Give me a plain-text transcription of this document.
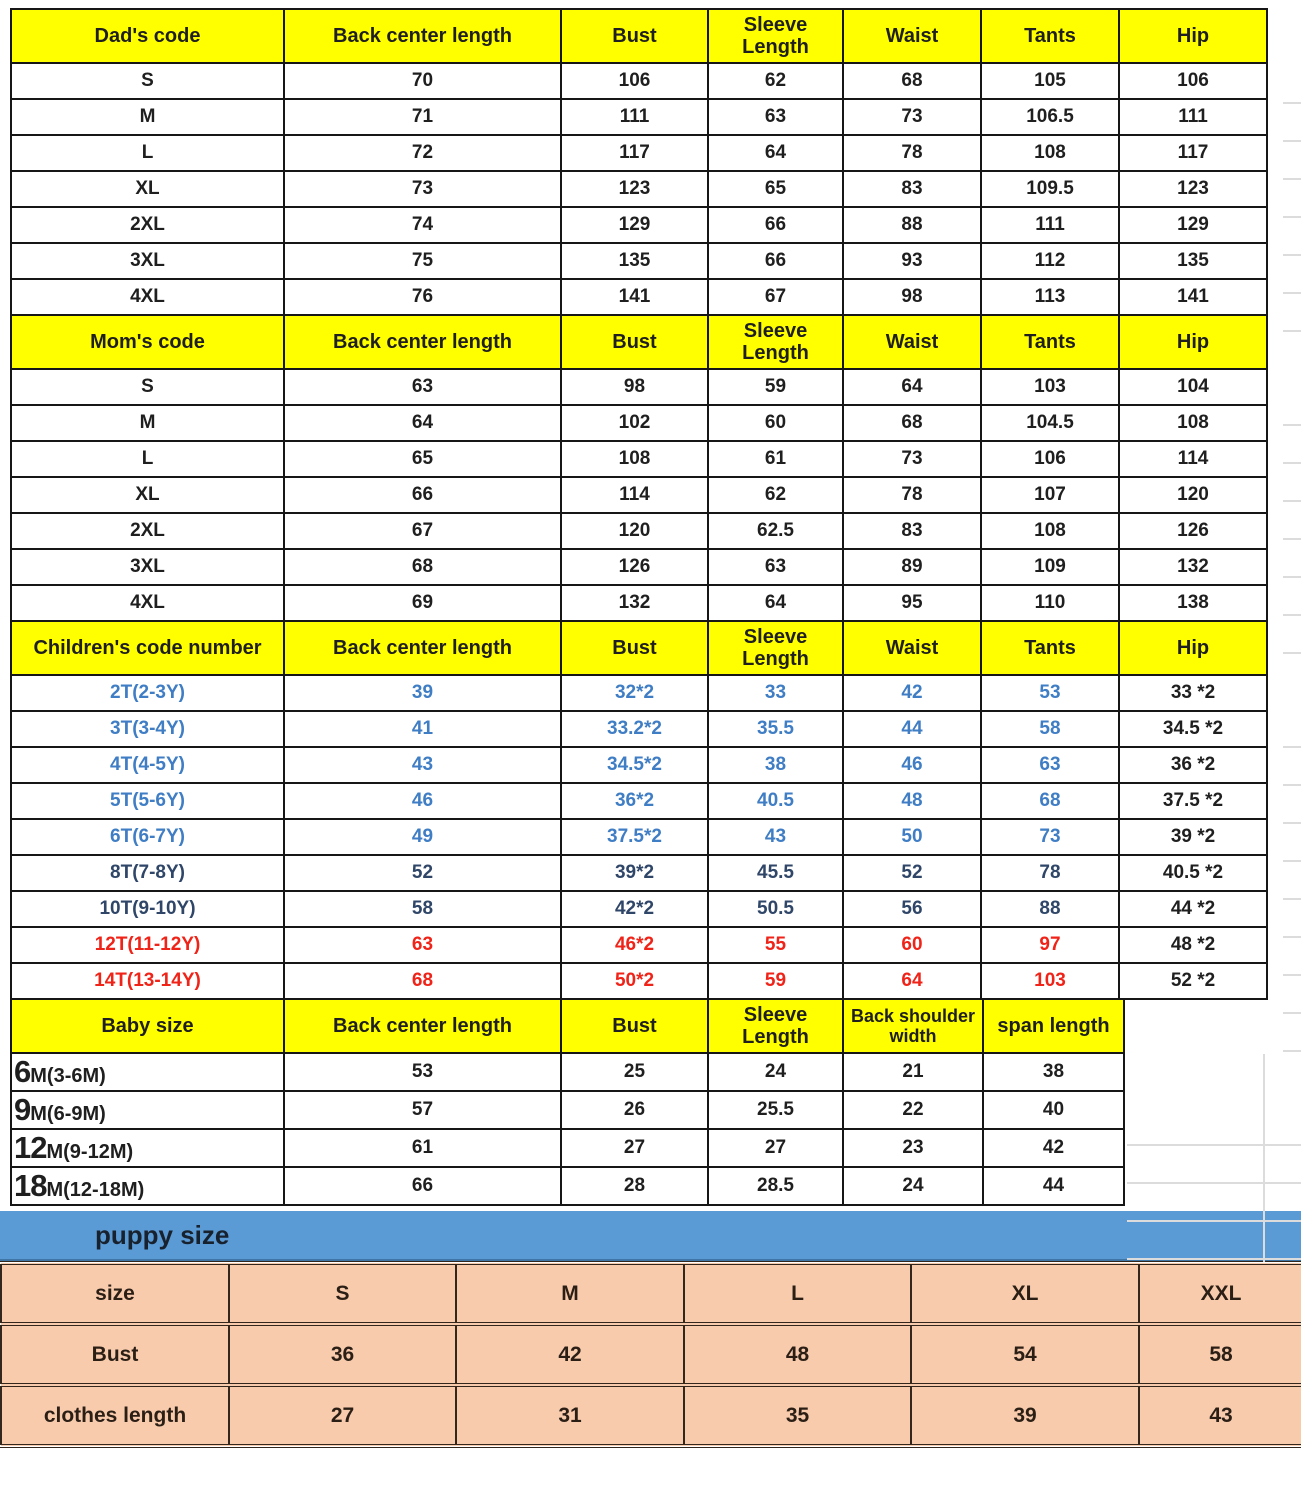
Dad's code	Back center length	Bust	Sleeve Length	Waist	Tants	Hip
S	70	106	62	68	105	106
M	71	111	63	73	106.5	111
L	72	117	64	78	108	117
XL	73	123	65	83	109.5	123
2XL	74	129	66	88	111	129
3XL	75	135	66	93	112	135
4XL	76	141	67	98	113	141
Mom's code	Back center length	Bust	Sleeve Length	Waist	Tants	Hip
S	63	98	59	64	103	104
M	64	102	60	68	104.5	108
L	65	108	61	73	106	114
XL	66	114	62	78	107	120
2XL	67	120	62.5	83	108	126
3XL	68	126	63	89	109	132
4XL	69	132	64	95	110	138
Children's code number	Back center length	Bust	Sleeve Length	Waist	Tants	Hip
2T(2-3Y)	39	32*2	33	42	53	33 *2
3T(3-4Y)	41	33.2*2	35.5	44	58	34.5 *2
4T(4-5Y)	43	34.5*2	38	46	63	36 *2
5T(5-6Y)	46	36*2	40.5	48	68	37.5 *2
6T(6-7Y)	49	37.5*2	43	50	73	39 *2
8T(7-8Y)	52	39*2	45.5	52	78	40.5 *2
10T(9-10Y)	58	42*2	50.5	56	88	44 *2
12T(11-12Y)	63	46*2	55	60	97	48 *2
14T(13-14Y)	68	50*2	59	64	103	52 *2
Baby size	Back center length	Bust	Sleeve Length	Back shoulder width	span length
6M(3-6M)	53	25	24	21	38
9M(6-9M)	57	26	25.5	22	40
12M(9-12M)	61	27	27	23	42
18M(12-18M)	66	28	28.5	24	44
puppy size
size	S	M	L	XL	XXL
Bust	36	42	48	54	58
clothes length	27	31	35	39	43
